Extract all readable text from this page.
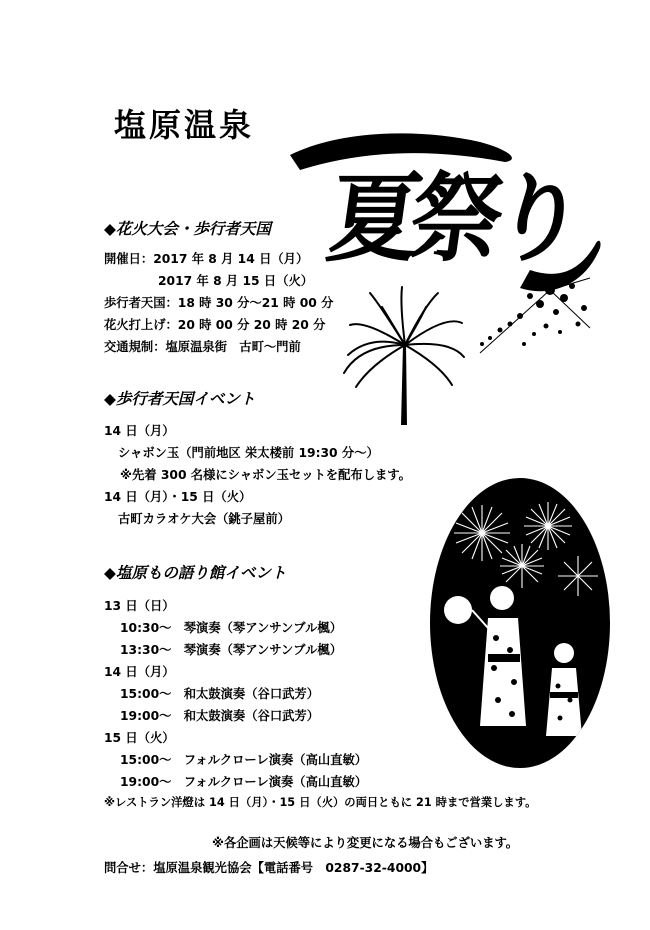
塩原温泉
夏祭り
◆花火大会・歩行者天国
開催日：2017 年 8 月 14 日（月）
2017 年 8 月 15 日（火）
歩行者天国：18 時 30 分～21 時 00 分
花火打上げ：20 時 00 分 20 時 20 分
交通規制：塩原温泉街　古町～門前
◆歩行者天国イベント
14 日（月）
シャボン玉（門前地区 栄太楼前 19:30 分～）
※先着 300 名様にシャボン玉セットを配布します。
14 日（月）・15 日（火）
古町カラオケ大会（銚子屋前）
◆塩原もの語り館イベント
13 日（日）
10:30～　琴演奏（琴アンサンブル楓）
13:30～　琴演奏（琴アンサンブル楓）
14 日（月）
15:00～　和太鼓演奏（谷口武芳）
19:00～　和太鼓演奏（谷口武芳）
15 日（火）
15:00～　フォルクローレ演奏（高山直敏）
19:00～　フォルクローレ演奏（高山直敏）
※レストラン洋燈は 14 日（月）・15 日（火）の両日ともに 21 時まで営業します。
※各企画は天候等により変更になる場合もございます。
問合せ：塩原温泉観光協会【電話番号　0287-32-4000】
